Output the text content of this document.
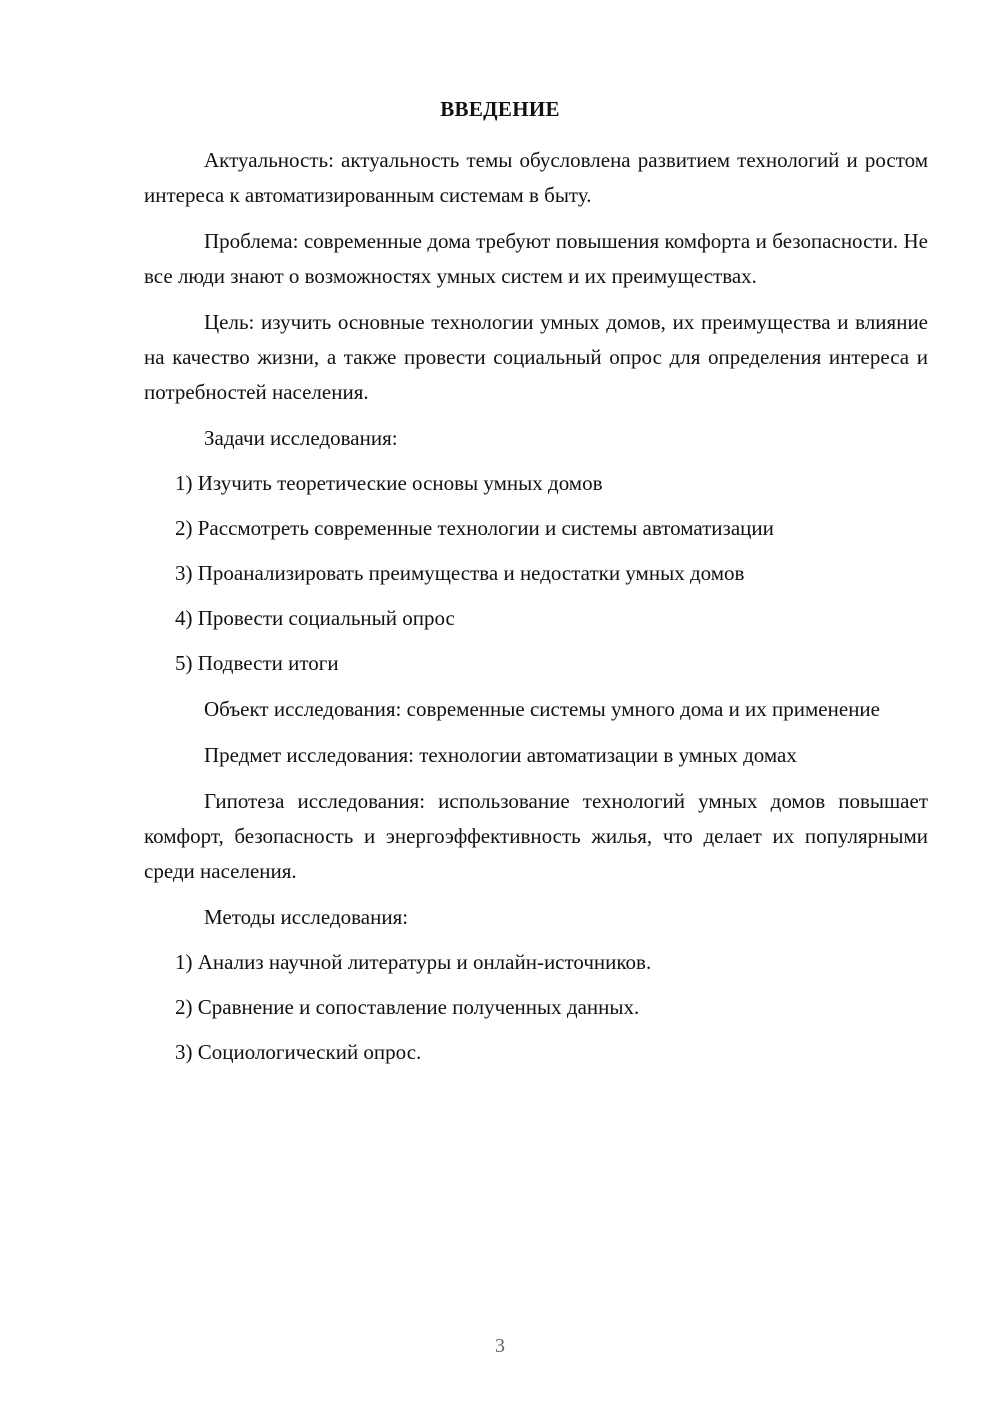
ВВЕДЕНИЕ

Актуальность: актуальность темы обусловлена развитием технологий и ростом интереса к автоматизированным системам в быту.

Проблема: современные дома требуют повышения комфорта и безопасности. Не все люди знают о возможностях умных систем и их преимуществах.

Цель: изучить основные технологии умных домов, их преимущества и влияние на качество жизни, а также провести социальный опрос для определения интереса и потребностей населения.

Задачи исследования:

1) Изучить теоретические основы умных домов

2) Рассмотреть современные технологии и системы автоматизации

3) Проанализировать преимущества и недостатки умных домов

4) Провести социальный опрос

5) Подвести итоги

Объект исследования: современные системы умного дома и их применение

Предмет исследования: технологии автоматизации в умных домах

Гипотеза исследования: использование технологий умных домов повышает комфорт, безопасность и энергоэффективность жилья, что делает их популярными среди населения.

Методы исследования:

1) Анализ научной литературы и онлайн-источников.

2) Сравнение и сопоставление полученных данных.

3) Социологический опрос.

3
